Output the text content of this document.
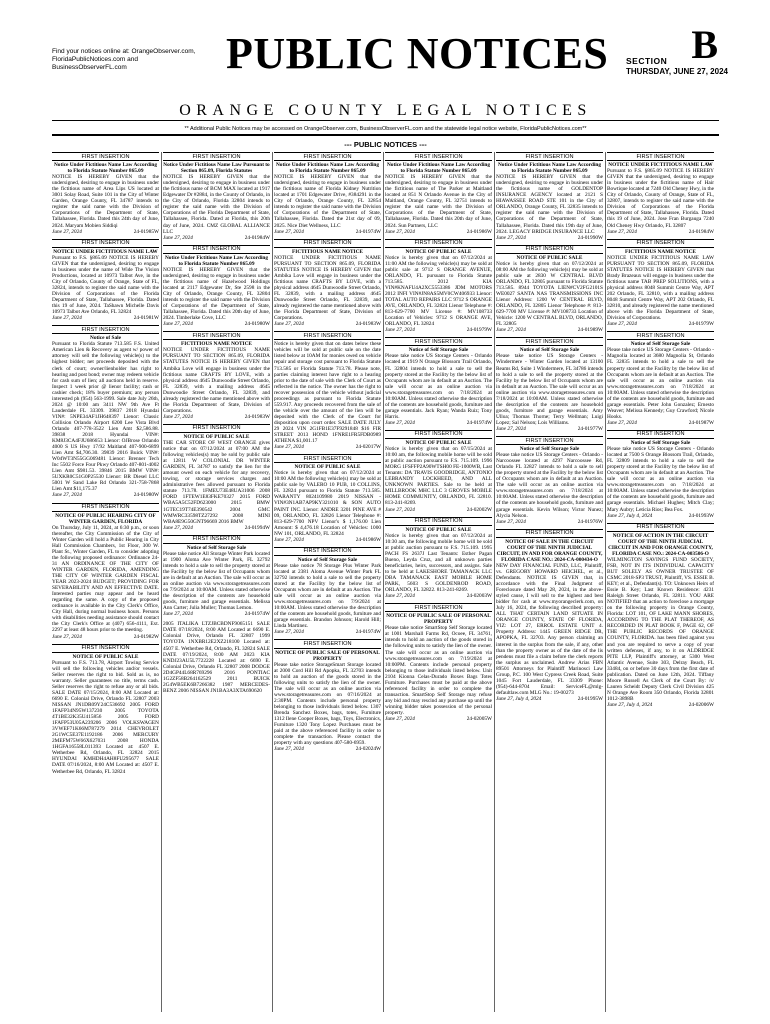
Find your notices online at: OrangeObserver.com,
FloridaPublicNotices.com and
BusinessObserverFL.com	PUBLIC NOTICES B
SECTION
THURSDAY, JUNE 27, 2024
ORANGE COUNTY LEGAL NOTICES
** Additional Public Notices may be accessed on OrangeObserver.com, BusinessObserverFL.com and the statewide legal notice website, FloridaPublicNotices.com**
--- PUBLIC NOTICES ---
FIRST INSERTION
Notice Under Fictitious Name Law According to Florida Statute Number 865.09
NOTICE IS HEREBY GIVEN that the undersigned, desiring to engage in business under the fictitious name of Area Lips US located at 3001 Solay Road, Suite 101 in the City of Winter Garden, Orange County, FL 34787 intends to register the said name with the Division of Corporations of the Department of State, Tallahassee, Florida. Dated this 24th day of June, 2024. Maryam Mobien Siddiqi
June 27, 2024	24-01985W
FIRST INSERTION
NOTICE UNDER FICTITIOUS NAME LAW
Pursuant to F.S. §865.09 NOTICE IS HEREBY GIVEN that the undersigned, desiring to engage in business under the name of Wide The Vision Productions, located at 10973 Talbot Ave, in the City of Orlando, County of Orange, State of FL, 32824, intends to register the said name with the Division of Corporations of the Florida Department of State, Tallahassee, Florida. Dated this 19 of June, 2024. TaShawn Michelle Davis 10973 Talbot Ave Orlando, FL 32824
June 27, 2024	24-01981W
FIRST INSERTION
Notice of Sale
Pursuant to Florida Statute 713.585 F.S. United American Lien & Recovery as agent w/ power of attorney will sell the following vehicle(s) to the highest bidder; net proceeds deposited with the clerk of court; owner/lienholder has right to hearing and post bond; owner may redeem vehicle for cash sum of lien; all auctions held in reserve. Inspect 1 week prior @ lienor facility; cash or cashier check; 18% buyer premium; any person interested ph (954) 563-1999. Sale date July 26th, 2024 @ 10:00 am 3411 NW 9th Ave Ft Lauderdale FL 33309. 39837 2018 Hyundai VIN#: 5NPE34AF1JH648397 Lienor: Classic Collision Orlando Airport 6200 Lee Vista Blvd Orlando 407-778-3522 Lien Amt $2,586.88. 39838 2018 Hyundai VIN#: KM8J3CA4FJU686653 Lienor: OJBrose Orlando 4000 S US Hwy 17/92 Maitland 407-900-6899 Lien Amt $4,706.30. 39839 2016 Buick VIN#: W04WT3N55GG069481 Lienor: Brenner Tech Inc 5502 Force Four Pkwy Orlando 407-801-4002 Lien Amt $981.53. 39846 2015 BMW VIN#: 5UXKR0C51G0P25530 Lienor: BR Diesel LLC 5001 W Sand Lake Rd Orlando 321-758-7868 Lien Amt $11,175.37
June 27, 2024	24-01980W
FIRST INSERTION
NOTICE OF PUBLIC HEARING CITY OF WINTER GARDEN, FLORIDA
On Thursday, July 11, 2024, at 6:30 p.m., or soon thereafter, the City Commission of the City of Winter Garden will hold a Public Hearing in City Hall Commission Chambers, 1st Floor, 300 W. Plant St., Winter Garden, FL to consider adopting the following proposed ordinance: Ordinance 24-31 AN ORDINANCE OF THE CITY OF WINTER GARDEN, FLORIDA, AMENDING THE CITY OF WINTER GARDEN FISCAL YEAR 2023-2024 BUDGET; PROVIDING FOR SEVERABILITY AND AN EFFECTIVE DATE. Interested parties may appear and be heard regarding the same. A copy of the proposed ordinance is available in the City Clerk's Office, City Hall, during normal business hours. Persons with disabilities needing assistance should contact the City Clerk's Office at (407) 656-4111, Ext. 2297 at least 48 hours prior to the meeting.
June 27, 2024	24-01982W
FIRST INSERTION
NOTICE OF PUBLIC SALE
Pursuant to F.S. 713.78, Airport Towing Service will sell the following vehicles and/or vessels. Seller reserves the right to bid. Sold as is, no warranty. Seller guarantees no title, terms cash. Seller reserves the right to refuse any or all bids. SALE DATE 07/15/2024, 8:00 AM Located at: 6690 E. Colonial Drive, Orlando FL 32807 2003 NISSAN JN1DR09Y24C536692 2005 FORD 1FAFP34N95W137230 2005 TOYOTA 4T1BE32K35U415856 2005 FORD 1FAFP53U05A239206 2006 VOLKSWAGEN 3VWEF71K66M787279 2014 CHEVROLET 2G1WC5E37E1192186 2006 MERCURY 2MEFM75W66X627031 2008 HONDA 1HGFA16558L011393 Located at: 4507 E. Wetherbee Rd, Orlando, FL 32824 2015 HYUNDAI KMHDH4AH8FU295677 SALE DATE 07/16/2024, 8:00 AM Located at: 4507 E. Wetherbee Rd, Orlando, FL 32824
FIRST INSERTION
Notice Under Fictitious Name Law Pursuant to Section 865.09, Florida Statutes
NOTICE IS HEREBY GIVEN that the undersigned, desiring to engage in business under the fictitious name of BCM MAX located at 1917 Edgewater Dr #2884, in the County of Orlando, in the City of Orlando, Florida 32804 intends to register the said name with the Division of Corporations of the Florida Department of State, Tallahassee, Florida. Dated at Florida, this 20th day of June, 2024. CMZ GLOBAL ALLIANCE LLC
June 27, 2024	24-01984W
FIRST INSERTION
Notice Under Fictitious Name Law According to Florida Statute Number 865.09
NOTICE IS HEREBY GIVEN that the undersigned, desiring to engage in business under the fictitious name of Hazelwood Holdings located at 2117 Edgewater Dr, Ste 2598 in the City of Orlando, Orange County, FL 32804 intends to register the said name with the Division of Corporations of the Department of State, Tallahassee, Florida. Dated this 20th day of June, 2024. Timberlake Cove, LLC
June 27, 2024	24-01980W
FIRST INSERTION
FICTITIOUS NAME NOTICE
NOTICE UNDER FICTITIOUS NAME PURSUANT TO SECTION 865.09, FLORIDA STATUTES NOTICE IS HEREBY GIVEN that Ambika Love will engage in business under the fictitious name CRAFTS BY LOVE, with a physical address 4645 Dunwoodie Street Orlando, FL 32839, with a mailing address 4645 Dunwoodie Street Orlando, FL 32839, and already registered the name mentioned above with the Florida Department of State, Division of Corporations.
June 27, 2024	24-01983W
FIRST INSERTION
NOTICE OF PUBLIC SALE
THE CAR STORE OF WEST ORANGE gives notice that on 07/12/2024 at 07:00 AM the following vehicles(s) may be sold by public sale at 12811 W COLONIAL DR WINTER GARDEN, FL 34787 to satisfy the lien for the amount owed on each vehicle for any recovery, towing, or storage services charges and administrative fees allowed pursuant to Florida statute 713.78. 1FMEU73E48UA31006 2008 FORD 1FTEW1E83FKE70327 2015 FORD WBA5A5C52FD623000 2015 BMW 1GTEC19T74E390542 2004 GMC WMWRC33598TZ27292 2008 MINI WBA8E9G50GNT96669 2016 BMW
June 27, 2024	24-01994W
FIRST INSERTION
Notice of Self Storage Sale
Please take notice All Storage Winter Park located at 1900 Aloma Ave Winter Park, FL 32792 intends to hold a sale to sell the property stored at the Facility by the below list of Occupants whom are in default at an Auction. The sale will occur as an online auction via www.storagetreasures.com on 7/9/2024 at 10:00AM. Unless stated otherwise the description of the contents are household goods, furniture and garage essentials. Melissa Ann Carter; Julia Muller; Thomas Lemon.
June 27, 2024	24-01974W
2005 ITALIKA LTZJBCBDNF9065151 SALE DATE 07/18/2024, 8:00 AM Located at 6690 E. Colonial Drive, Orlando FL 32807 1999 TOYOTA 1NXBR12E2XZ218100 Located at: 4507 E. Wetherbee Rd, Orlando, FL 32824 SALE DATE 07/19/2024, 8:00 AM 2023 KIA KNDJ23AU5L7722228 Located at: 6690 E. Colonial Drive, Orlando FL 32807 2008 DODGE 2D4GP44L68R769296 2016 PONTIAC 1G2ZF58B264162529 2011 BUICK 2G4WB5EK6B7266382 1987 MERCEDES-BENZ 2006 NISSAN JN1BA3A3XTA690620
FIRST INSERTION
Notice Under Fictitious Name Law According to Florida Statute Number 865.09
NOTICE IS HEREBY GIVEN that the undersigned, desiring to engage in business under the fictitious name of Florida Kidney Nutrition located at 1701 Edgewater Drive, #384291 in the City of Orlando, Orange County, FL 32854 intends to register the said name with the Division of Corporations of the Department of State, Tallahassee, Florida. Dated the 21st day of 09, 2025. Nice Diet Wellness, LLC
June 27, 2024	24-01974W
FIRST INSERTION
FICTITIOUS NAME NOTICE
NOTICE UNDER FICTITIOUS NAME PURSUANT TO SECTION 865.09, FLORIDA STATUTES NOTICE IS HEREBY GIVEN that Ambika Love will engage in business under the fictitious name CRAFTS BY LOVE, with a physical address 4645 Dunwoodie Street Orlando, FL 32839, with a mailing address 4645 Dunwoodie Street Orlando, FL 32839, and already registered the name mentioned above with the Florida Department of State, Division of Corporations.
June 27, 2024	24-01983W
FIRST INSERTION
Notice is hereby given that on dates below these vehicles will be sold at public sale on the date listed below at 10AM for monies owed on vehicle repair and storage cost pursuant to Florida Statute 713.585 or Florida Statute 713.78. Please note, parties claiming interest have right to a hearing prior to the date of sale with the Clerk of Court as reflected in the notice. The owner has the right to recover possession of the vehicle without judicial proceedings as pursuant to Florida Statute 559.917. Any proceeds recovered from the sale of the vehicle over the amount of the lien will be deposited with the Clerk of the Court for disposition upon court order. SALE DATE JULY 29 2024 VIN 2G1FB1E37F9291848 $16 FIR STREET 2013 HOND 1FNRE1FR5FDB0989 ATHENA $1,001.17
June 27, 2024	24-02017W
FIRST INSERTION
NOTICE OF PUBLIC SALE
Notice is hereby given that on 07/12/2024 at 10:00 AM the following vehicle(s) may be sold at public sale by VALERO 10 PUB, 10 COLLINS, FL 32824 pursuant to Florida Statute 713.585. WARANTY 8024109980 2019 NISSAN - VIN#3N1AB7AP9KY321010 & SON AUTO PAINT INC. Lienor: ANDRE 3201 PINE AVE # 09, ORLANDO, FL 32826 Lienor Telephone #: 813-629-7700 NPV Lienor's $ 1,176.00 Lien Amount: $ 4,476.18 Location of Vehicles: 1000 NW 101, ORLANDO, FL 32824
June 27, 2024	24-01986W
FIRST INSERTION
Notice of Self Storage Sale
Please take notice 78 Storage Plus Winter Park located at 2381 Aloma Avenue Winter Park FL 32792 intends to hold a sale to sell the property stored at the Facility by the below list of Occupants whom are in default at an Auction. The sale will occur as an online auction via www.storagetreasures.com on 7/9/2024 at 10:00AM. Unless stated otherwise the description of the contents are household goods, furniture and garage essentials. Brandon Johnson; Harold Hill; Linda Martinez.
June 27, 2024	24-01974W
FIRST INSERTION
NOTICE OF PUBLIC SALE OF PERSONAL PROPERTY
Please take notice StorageSmart Storage located at 2000 Cord Hill Rd Apopka, FL 32703 intends to hold an auction of the goods stored in the following units to satisfy the lien of the owner. The sale will occur as an online auction via www.storagetreasures.com on 07/16/2024 at 2:30PM. Contents include personal property belonging to those individuals listed below. 1307 Brenda Sanchez Boxes, bags, totes, Furniture 1312 Ilene Cooper Boxes, bags, Toys, Electronics, Furniture 1320 Tony Lopez Purchases must be paid at the above referenced facility in order to complete the transaction. Please contact the property with any questions 407-580-6959.
June 27, 2024	24-02024W
FIRST INSERTION
Notice Under Fictitious Name Law According to Florida Statute Number 865.09
NOTICE IS HEREBY GIVEN that the undersigned, desiring to engage in business under the fictitious name of The Parker at Maitland located at 851 N Orlando Avenue in the City of Maitland, Orange County, FL 32751 intends to register the said name with the Division of Corporations of the Department of State, Tallahassee, Florida. Dated this 20th day of June, 2024. Sun Partners, LLC
June 27, 2024	24-01986W
FIRST INSERTION
NOTICE OF PUBLIC SALE
Notice is hereby given that on 07/12/2024 at 11:00 AM the following vehicle(s) may be sold at public sale at 9712 S ORANGE AVENUE, ORLANDO, FL pursuant to Florida Statute 713.585. 2012 KIA VIN#KNAFU4A2XC5553386 JDM MOTORS 2012 INFI VIN#JN8AS5MV0CW406933 Lienor: TOTAL AUTO REPAIRS LLC 9712 S ORANGE AVE, ORLANDO, FL 32824 Lienor Telephone #: 813-629-7700 MV License #: MV108733 Location of Vehicles: 9712 S ORANGE AVE, ORLANDO, FL 32824
June 27, 2024	24-01979W
FIRST INSERTION
Notice of Self Storage Sale
Please take notice US Storage Centers - Orlando located at 1919 N Orange Blossom Trail Orlando, FL 32804 intends to hold a sale to sell the property stored at the Facility by the below list of Occupants whom are in default at an Auction. The sale will occur as an online auction via www.storagetreasures.com on 7/18/2024 at 10:00AM. Unless stated otherwise the description of the contents are household goods, furniture and garage essentials. Jack Ryan; Wanda Ruiz; Tony Harris.
June 27, 2024	24-01974W
FIRST INSERTION
NOTICE OF PUBLIC SALE
Notice is hereby given that on 07/15/2024 at 10:00 am, the following mobile home will be sold at public auction pursuant to F.S. 715.109. 1996 MORG 1FSFFP2A90WTSH00 FE-1000WB, Last Tenants: DA TRAVIS GOODRIDGE, ANTONIO LEBRANDY LOCKHEED, AND ALL UNKNOWN PARTIES. Sale to be held at MILLBROOK MHC LLC 3 GROVES MOBILE HOME COMMUNITY, ORLANDO, FL 32810. 813-241-8269.
June 27, 2024	24-02002W
FIRST INSERTION
NOTICE OF PUBLIC SALE
Notice is hereby given that on 07/12/2024 at 10:30 am, the following mobile home will be sold at public auction pursuant to F.S. 715.109. 1995 PACH FS 2637J Last Tenants: Esther Pagan Bueno, Leyda Cruz, and all unknown parties beneficiaries, heirs, successors, and assigns. Sale to be held at LAKESHORE TAMANACK LLC DBA TAMANACK EAST MOBILE HOME PARK, 5603 S GOLDENROD ROAD, ORLANDO, FL 32822. 813-241-8269.
June 27, 2024	24-02003W
FIRST INSERTION
NOTICE OF PUBLIC SALE OF PERSONAL PROPERTY
Please take notice SmartStop Self Storage located at 1001 Marshall Farms Rd, Ocoee, FL 34761, intends to hold an auction of the goods stored in the following units to satisfy the lien of the owner. The sale will occur as an online auction via www.storagetreasures.com on 7/19/2024 at 10:00PM. Contents include personal property belonging to those individuals listed below. Unit 2104 Kionna Celas-Durado Boxes Bags Totes Furniture. Purchases must be paid at the above referenced facility in order to complete the transaction. SmartStop Self Storage may refuse any bid and may rescind any purchase up until the winning bidder takes possession of the personal property.
June 27, 2024	24-02005W
FIRST INSERTION
Notice Under Fictitious Name Law According to Florida Statute Number 865.09
NOTICE IS HEREBY GIVEN that the undersigned, desiring to engage in business under the fictitious name of GOLDENTOP INSURANCE AGENCY located at 2121 S HIAWASSEE ROAD STE 101 in the City of ORLANDO, Orange County, FL 32835 intends to register the said name with the Division of Corporations of the Department of State, Tallahassee, Florida. Dated this 19th day of June, 2024. LEGACY BRIDGE INSURANCE LLC
June 27, 2024	24-01990W
FIRST INSERTION
NOTICE OF PUBLIC SALE
Notice is hereby given that on 07/12/2024 at 08:00 AM the following vehicle(s) may be sold at public sale at 2830 W CENTRAL BLVD ORLANDO, FL 32805 pursuant to Florida Statute 713.585. 8944 TOYOTA LIEN#CV2FG2101S WE0027 SANTA NAS TRANSMISSIONS INC Lienor Address: 1200 W CENTRAL BLVD, ORLANDO, FL 32805 Lienor Telephone #: 813-629-7700 MV License #: MV108733 Location of Vehicle: 1200 W CENTRAL BLVD, ORLANDO, FL 32805
June 27, 2024	24-01989W
FIRST INSERTION
Notice of Self Storage Sale
Please take notice US Storage Centers - Windermere - Winter Garden located at 13100 Reams Rd, Suite 1 Windermere, FL 34786 intends to hold a sale to sell the property stored at the Facility by the below list of Occupants whom are in default at an Auction. The sale will occur as an online auction via www.storagetreasures.com on 7/18/2024 at 10:00AM. Unless stated otherwise the description of the contents are household goods, furniture and garage essentials. Amy Ulloa; Thomas Thorne; Terry Wellman; Luigi Lopez; Sal Nelson; Lois Williams.
June 27, 2024	24-01977W
FIRST INSERTION
Notice of Self Storage Sale
Please take notice US Storage Centers - Orlando - Narcoossee located at 4297 Narcoossee Rd, Orlando FL 32827 intends to hold a sale to sell the property stored at the Facility by the below list of Occupants whom are in default at an Auction. The sale will occur as an online auction via www.storagetreasures.com on 7/18/2024 at 10:00AM. Unless stated otherwise the description of the contents are household goods, furniture and garage essentials. Kevin Wilson; Victor Nunez; Alycia Nelson.
June 27, 2024	24-01976W
FIRST INSERTION
NOTICE OF SALE IN THE CIRCUIT COURT OF THE NINTH JUDICIAL CIRCUIT, IN AND FOR ORANGE COUNTY, FLORIDA CASE NO.: 2024-CA-000434-O
NEW DAY FINANCIAL FUND, LLC, Plaintiff, vs. GREGORY HOWARD HEICHEL, et al., Defendants. NOTICE IS GIVEN that, in accordance with the Final Judgment of Foreclosure dated May 28, 2024, in the above-styled cause, I will sell to the highest and best bidder for cash at www.myorangeclerk.com, on July 16, 2024, the following described property: ALL THAT CERTAIN LAND SITUATE IN ORANGE COUNTY, STATE OF FLORIDA, VIZ: LOT 27, ERROL ESTATE UNIT 4. Property Address: 1445 GREEN RIDGE DR, APOPKA, FL 32703. Any person claiming an interest in the surplus from the sale, if any, other than the property owner as of the date of the lis pendens must file a claim before the clerk reports the surplus as unclaimed. Andrew Arias FBN 89501 Attorneys for Plaintiff Marinosci Law Group, P.C. 100 West Cypress Creek Road, Suite 1045 Fort Lauderdale, FL 33309 Phone: (954)-644-8704 Email: ServiceFL@mlg-defaultlaw.com MLG No.: 19-00273
June 27, July 4, 2024	24-01995W
FIRST INSERTION
NOTICE UNDER FICTITIOUS NAME LAW
Pursuant to F.S. §865.09 NOTICE IS HEREBY GIVEN that the undersigned, desiring to engage in business under the fictitious name of Hair Bowtique located at 7240 Old Cheney Hwy, in the City of Orlando, County of Orange, State of FL, 32807, intends to register the said name with the Division of Corporations of the Florida Department of State, Tallahassee, Florida. Dated this 19 of June, 2024. Jose Fran Burgauga 7240 Old Cheney Hwy Orlando, FL 32807
June 27, 2024	24-01984W
FIRST INSERTION
FICTITIOUS NAME NOTICE
NOTICE UNDER FICTITIOUS NAME LAW PURSUANT TO SECTION 865.09, FLORIDA STATUTES NOTICE IS HEREBY GIVEN that Brady Brazeaux will engage in business under the fictitious name TAB PREP SOLUTIONS, with a physical address 8048 Summit Centre Way, APT 202 Orlando, FL 32810, with a mailing address 8048 Summit Centre Way, APT 202 Orlando, FL 32810, and already registered the name mentioned above with the Florida Department of State, Division of Corporations.
June 27, 2024	24-01979W
FIRST INSERTION
Notice of Self Storage Sale
Please take notice US Storage Centers - Orlando - Magnolia located at 3680 Magnolia St, Orlando FL 32835 intends to hold a sale to sell the property stored at the Facility by the below list of Occupants whom are in default at an Auction. The sale will occur as an online auction via www.storagetreasures.com on 7/18/2024 at 10:00AM. Unless stated otherwise the description of the contents are household goods, furniture and garage essentials. Peter John Gonzalez; Ernesto Weaver; Melissa Kennedy; Guy Crawford; Nicole Hooks.
June 27, 2024	24-01987W
FIRST INSERTION
Notice of Self Storage Sale
Please take notice US Storage Centers - Orlando located at 7500 S Orange Blossom Trail, Orlando, FL 32809 intends to hold a sale to sell the property stored at the Facility by the below list of Occupants whom are in default at an Auction. The sale will occur as an online auction via www.storagetreasures.com on 7/18/2024 at 10:00AM. Unless stated otherwise the description of the contents are household goods, furniture and garage essentials. Michael Hughes; Mitch Clay; Mary Aubry; Leticia Rios; Bea Fox.
June 27, July 4, 2024	24-01993W
FIRST INSERTION
NOTICE OF ACTION IN THE CIRCUIT COURT OF THE NINTH JUDICIAL CIRCUIT IN AND FOR ORANGE COUNTY, FLORIDA CASE NO.: 2024-CA-003506-O
WILMINGTON SAVINGS FUND SOCIETY, FSB, NOT IN ITS INDIVIDUAL CAPACITY BUT SOLELY AS OWNER TRUSTEE OF CSMC 2018-SP3 TRUST, Plaintiff, VS. ESSIE B. KEY; et al., Defendant(s). TO: Unknown Heirs of Essie B. Key; Last Known Residence: 4231 Raleigh Street Orlando, FL 32811. YOU ARE NOTIFIED that an action to foreclose a mortgage on the following property in Orange County, Florida: LOT 101, OF LAKE MANN SHORES, ACCORDING TO THE PLAT THEREOF, AS RECORDED IN PLAT BOOK F, PAGE 62, OF THE PUBLIC RECORDS OF ORANGE COUNTY, FLORIDA. has been filed against you and you are required to serve a copy of your written defenses, if any, to it on ALDRIDGE PITE LLP, Plaintiff's attorney, at 5300 West Atlantic Avenue, Suite 303, Delray Beach, FL 33484, on or before 30 days from the first date of publication. Dated on June 12th, 2024. Tiffany Moore Russell As Clerk of the Court By: /s/ Lauren Scheidt Deputy Clerk Civil Division 425 N Orange Ave Room 350 Orlando, Florida 32801 1012-3898B
June 27, July 4, 2024	24-02006W
